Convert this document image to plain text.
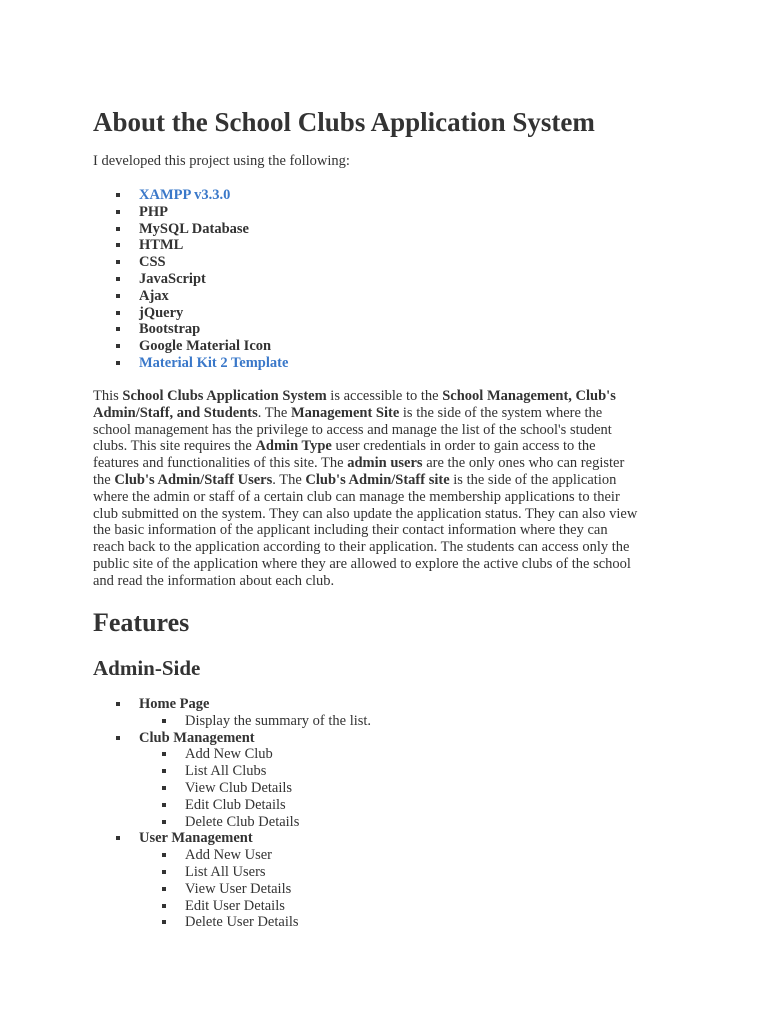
About the School Clubs Application System

I developed this project using the following:

XAMPP v3.3.0
PHP
MySQL Database
HTML
CSS
JavaScript
Ajax
jQuery
Bootstrap
Google Material Icon
Material Kit 2 Template
This School Clubs Application System is accessible to the School Management, Club's
Admin/Staff, and Students. The Management Site is the side of the system where the
school management has the privilege to access and manage the list of the school's student
clubs. This site requires the Admin Type user credentials in order to gain access to the
features and functionalities of this site. The admin users are the only ones who can register
the Club's Admin/Staff Users. The Club's Admin/Staff site is the side of the application
where the admin or staff of a certain club can manage the membership applications to their
club submitted on the system. They can also update the application status. They can also view
the basic information of the applicant including their contact information where they can
reach back to the application according to their application. The students can access only the
public site of the application where they are allowed to explore the active clubs of the school
and read the information about each club.
Features
Admin-Side
Home Page
Display the summary of the list.
Club Management
Add New Club
List All Clubs
View Club Details
Edit Club Details
Delete Club Details
User Management
Add New User
List All Users
View User Details
Edit User Details
Delete User Details
